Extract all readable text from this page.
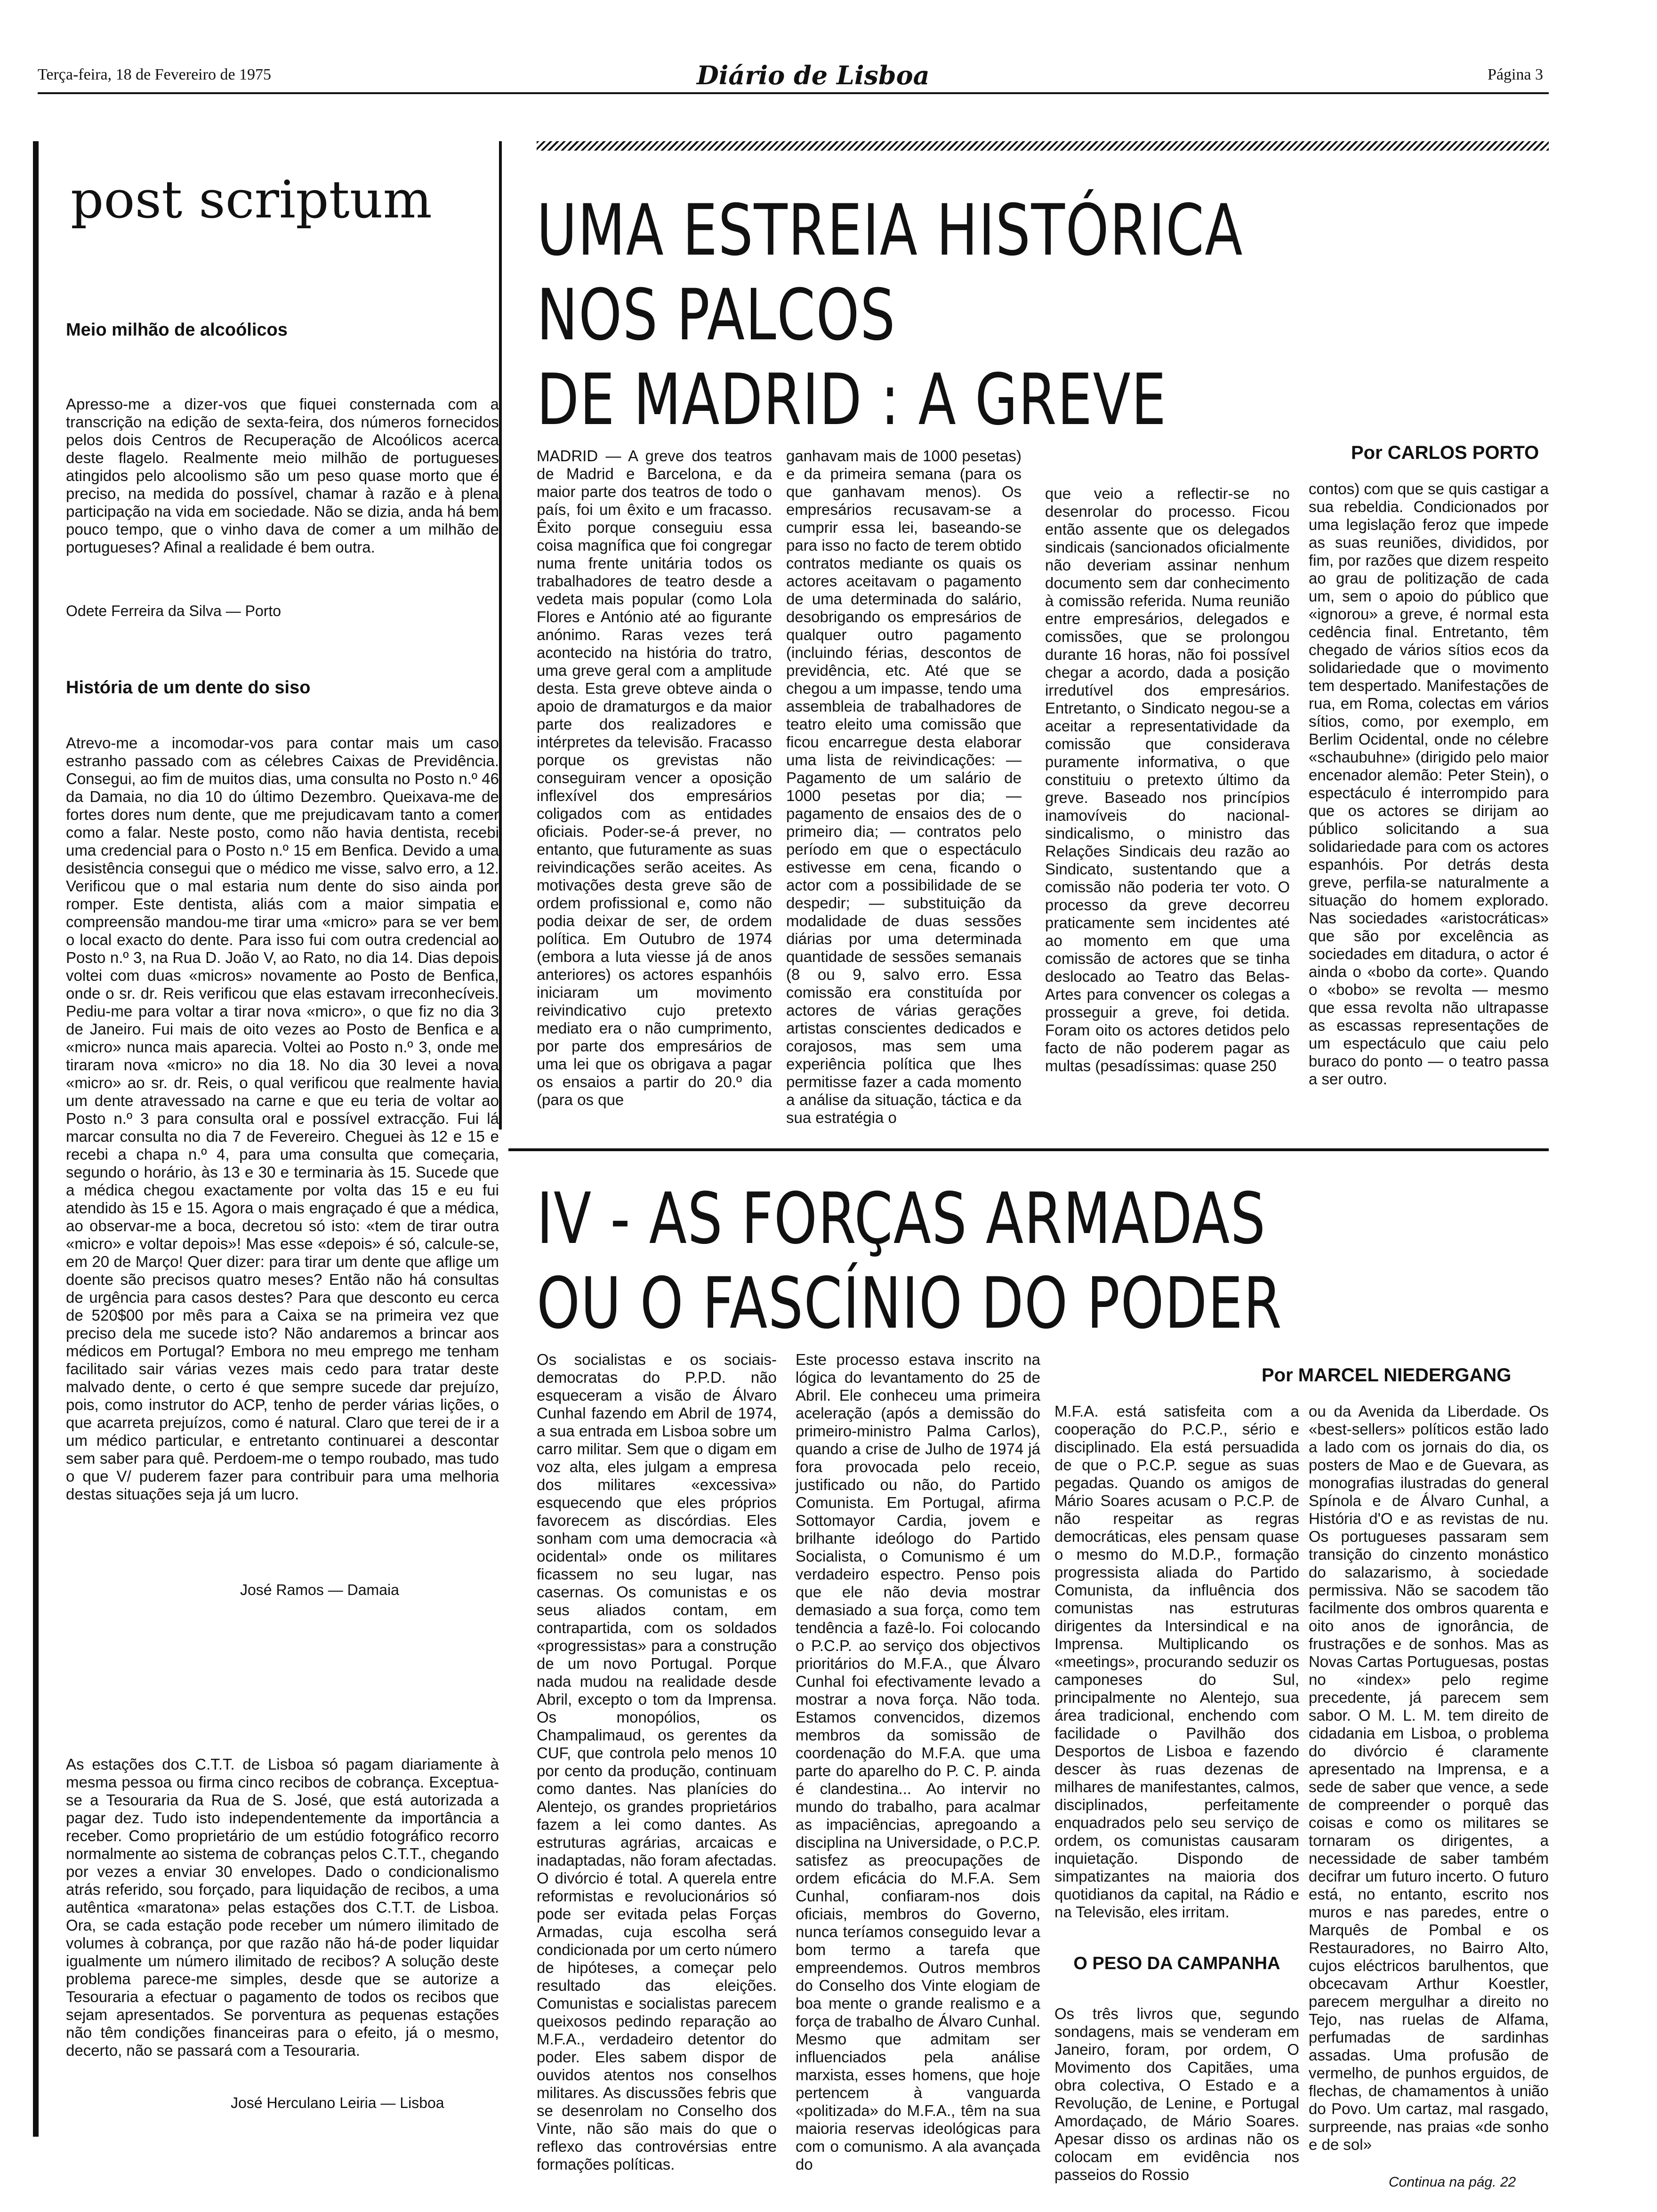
Terça-feira, 18 de Fevereiro de 1975	Diário de Lisboa	Página 3
post scriptum
Meio milhão de alcoólicos
Apresso-me a dizer-vos que fiquei consternada com a transcrição na edição de sexta-feira, dos números fornecidos pelos dois Centros de Recuperação de Alcoólicos acerca deste flagelo. Realmente meio milhão de portugueses atingidos pelo alcoolismo são um peso quase morto que é preciso, na medida do possível, chamar à razão e à plena participação na vida em sociedade. Não se dizia, anda há bem pouco tempo, que o vinho dava de comer a um milhão de portugueses? Afinal a realidade é bem outra.
Odete Ferreira da Silva — Porto
História de um dente do siso
Atrevo-me a incomodar-vos para contar mais um caso estranho passado com as célebres Caixas de Previdência. Consegui, ao fim de muitos dias, uma consulta no Posto n.º 46 da Damaia, no dia 10 do último Dezembro. Queixava-me de fortes dores num dente, que me prejudicavam tanto a comer como a falar. Neste posto, como não havia dentista, recebi uma credencial para o Posto n.º 15 em Benfica. Devido a uma desistência consegui que o médico me visse, salvo erro, a 12. Verificou que o mal estaria num dente do siso ainda por romper. Este dentista, aliás com a maior simpatia e compreensão mandou-me tirar uma «micro» para se ver bem o local exacto do dente. Para isso fui com outra credencial ao Posto n.º 3, na Rua D. João V, ao Rato, no dia 14. Dias depois voltei com duas «micros» novamente ao Posto de Benfica, onde o sr. dr. Reis verificou que elas estavam irreconhecíveis. Pediu-me para voltar a tirar nova «micro», o que fiz no dia 3 de Janeiro. Fui mais de oito vezes ao Posto de Benfica e a «micro» nunca mais aparecia. Voltei ao Posto n.º 3, onde me tiraram nova «micro» no dia 18. No dia 30 levei a nova «micro» ao sr. dr. Reis, o qual verificou que realmente havia um dente atravessado na carne e que eu teria de voltar ao Posto n.º 3 para consulta oral e possível extracção. Fui lá marcar consulta no dia 7 de Fevereiro. Cheguei às 12 e 15 e recebi a chapa n.º 4, para uma consulta que começaria, segundo o horário, às 13 e 30 e terminaria às 15. Sucede que a médica chegou exactamente por volta das 15 e eu fui atendido às 15 e 15. Agora o mais engraçado é que a médica, ao observar-me a boca, decretou só isto: «tem de tirar outra «micro» e voltar depois»! Mas esse «depois» é só, calcule-se, em 20 de Março! Quer dizer: para tirar um dente que aflige um doente são precisos quatro meses? Então não há consultas de urgência para casos destes? Para que desconto eu cerca de 520$00 por mês para a Caixa se na primeira vez que preciso dela me sucede isto? Não andaremos a brincar aos médicos em Portugal? Embora no meu emprego me tenham facilitado sair várias vezes mais cedo para tratar deste malvado dente, o certo é que sempre sucede dar prejuízo, pois, como instrutor do ACP, tenho de perder várias lições, o que acarreta prejuízos, como é natural. Claro que terei de ir a um médico particular, e entretanto continuarei a descontar sem saber para quê. Perdoem-me o tempo roubado, mas tudo o que V/ puderem fazer para contribuir para uma melhoria destas situações seja já um lucro.
José Ramos — Damaia
As estações dos C.T.T. de Lisboa só pagam diariamente à mesma pessoa ou firma cinco recibos de cobrança. Exceptua-se a Tesouraria da Rua de S. José, que está autorizada a pagar dez. Tudo isto independentemente da importância a receber. Como proprietário de um estúdio fotográfico recorro normalmente ao sistema de cobranças pelos C.T.T., chegando por vezes a enviar 30 envelopes. Dado o condicionalismo atrás referido, sou forçado, para liquidação de recibos, a uma autêntica «maratona» pelas estações dos C.T.T. de Lisboa. Ora, se cada estação pode receber um número ilimitado de volumes à cobrança, por que razão não há-de poder liquidar igualmente um número ilimitado de recibos? A solução deste problema parece-me simples, desde que se autorize a Tesouraria a efectuar o pagamento de todos os recibos que sejam apresentados. Se porventura as pequenas estações não têm condições financeiras para o efeito, já o mesmo, decerto, não se passará com a Tesouraria.
José Herculano Leiria — Lisboa
UMA ESTREIA HISTÓRICA
NOS PALCOS
DE MADRID : A GREVE
Por CARLOS PORTO
MADRID — A greve dos teatros de Madrid e Barcelona, e da maior parte dos teatros de todo o país, foi um êxito e um fracasso. Êxito porque conseguiu essa coisa magnífica que foi congregar numa frente unitária todos os trabalhadores de teatro desde a vedeta mais popular (como Lola Flores e António até ao figurante anónimo. Raras vezes terá acontecido na história do tratro, uma greve geral com a amplitude desta. Esta greve obteve ainda o apoio de dramaturgos e da maior parte dos realizadores e intérpretes da televisão. Fracasso porque os grevistas não conseguiram vencer a oposição inflexível dos empresários coligados com as entidades oficiais. Poder-se-á prever, no entanto, que futuramente as suas reivindicações serão aceites. As motivações desta greve são de ordem profissional e, como não podia deixar de ser, de ordem política. Em Outubro de 1974 (embora a luta viesse já de anos anteriores) os actores espanhóis iniciaram um movimento reivindicativo cujo pretexto mediato era o não cumprimento, por parte dos empresários de uma lei que os obrigava a pagar os ensaios a partir do 20.º dia (para os que
ganhavam mais de 1000 pesetas) e da primeira semana (para os que ganhavam menos). Os empresários recusavam-se a cumprir essa lei, baseando-se para isso no facto de terem obtido contratos mediante os quais os actores aceitavam o pagamento de uma determinada do salário, desobrigando os empresários de qualquer outro pagamento (incluindo férias, descontos de previdência, etc. Até que se chegou a um impasse, tendo uma assembleia de trabalhadores de teatro eleito uma comissão que ficou encarregue desta elaborar uma lista de reivindicações: — Pagamento de um salário de 1000 pesetas por dia; — pagamento de ensaios des de o primeiro dia; — contratos pelo período em que o espectáculo estivesse em cena, ficando o actor com a possibilidade de se despedir; — substituição da modalidade de duas sessões diárias por uma determinada quantidade de sessões semanais (8 ou 9, salvo erro. Essa comissão era constituída por actores de várias gerações artistas conscientes dedicados e corajosos, mas sem uma experiência política que lhes permitisse fazer a cada momento a análise da situação, táctica e da sua estratégia o
que veio a reflectir-se no desenrolar do processo. Ficou então assente que os delegados sindicais (sancionados oficialmente não deveriam assinar nenhum documento sem dar conhecimento à comissão referida. Numa reunião entre empresários, delegados e comissões, que se prolongou durante 16 horas, não foi possível chegar a acordo, dada a posição irredutível dos empresários. Entretanto, o Sindicato negou-se a aceitar a representatividade da comissão que considerava puramente informativa, o que constituiu o pretexto último da greve. Baseado nos princípios inamovíveis do nacional-sindicalismo, o ministro das Relações Sindicais deu razão ao Sindicato, sustentando que a comissão não poderia ter voto. O processo da greve decorreu praticamente sem incidentes até ao momento em que uma comissão de actores que se tinha deslocado ao Teatro das Belas-Artes para convencer os colegas a prosseguir a greve, foi detida. Foram oito os actores detidos pelo facto de não poderem pagar as multas (pesadíssimas: quase 250
contos) com que se quis castigar a sua rebeldia. Condicionados por uma legislação feroz que impede as suas reuniões, divididos, por fim, por razões que dizem respeito ao grau de politização de cada um, sem o apoio do público que «ignorou» a greve, é normal esta cedência final. Entretanto, têm chegado de vários sítios ecos da solidariedade que o movimento tem despertado. Manifestações de rua, em Roma, colectas em vários sítios, como, por exemplo, em Berlim Ocidental, onde no célebre «schaubuhne» (dirigido pelo maior encenador alemão: Peter Stein), o espectáculo é interrompido para que os actores se dirijam ao público solicitando a sua solidariedade para com os actores espanhóis. Por detrás desta greve, perfila-se naturalmente a situação do homem explorado. Nas sociedades «aristocráticas» que são por excelência as sociedades em ditadura, o actor é ainda o «bobo da corte». Quando o «bobo» se revolta — mesmo que essa revolta não ultrapasse as escassas representações de um espectáculo que caiu pelo buraco do ponto — o teatro passa a ser outro.
IV - AS FORÇAS ARMADAS
OU O FASCÍNIO DO PODER
Por MARCEL NIEDERGANG
Os socialistas e os sociais-democratas do P.P.D. não esqueceram a visão de Álvaro Cunhal fazendo em Abril de 1974, a sua entrada em Lisboa sobre um carro militar. Sem que o digam em voz alta, eles julgam a empresa dos militares «excessiva» esquecendo que eles próprios favorecem as discórdias. Eles sonham com uma democracia «à ocidental» onde os militares ficassem no seu lugar, nas casernas. Os comunistas e os seus aliados contam, em contrapartida, com os soldados «progressistas» para a construção de um novo Portugal. Porque nada mudou na realidade desde Abril, excepto o tom da Imprensa. Os monopólios, os Champalimaud, os gerentes da CUF, que controla pelo menos 10 por cento da produção, continuam como dantes. Nas planícies do Alentejo, os grandes proprietários fazem a lei como dantes. As estruturas agrárias, arcaicas e inadaptadas, não foram afectadas. O divórcio é total. A querela entre reformistas e revolucionários só pode ser evitada pelas Forças Armadas, cuja escolha será condicionada por um certo número de hipóteses, a começar pelo resultado das eleições. Comunistas e socialistas parecem queixosos pedindo reparação ao M.F.A., verdadeiro detentor do poder. Eles sabem dispor de ouvidos atentos nos conselhos militares. As discussões febris que se desenrolam no Conselho dos Vinte, não são mais do que o reflexo das controvérsias entre formações políticas.
Este processo estava inscrito na lógica do levantamento do 25 de Abril. Ele conheceu uma primeira aceleração (após a demissão do primeiro-ministro Palma Carlos), quando a crise de Julho de 1974 já fora provocada pelo receio, justificado ou não, do Partido Comunista. Em Portugal, afirma Sottomayor Cardia, jovem e brilhante ideólogo do Partido Socialista, o Comunismo é um verdadeiro espectro. Penso pois que ele não devia mostrar demasiado a sua força, como tem tendência a fazê-lo. Foi colocando o P.C.P. ao serviço dos objectivos prioritários do M.F.A., que Álvaro Cunhal foi efectivamente levado a mostrar a nova força. Não toda. Estamos convencidos, dizemos membros da somissão de coordenação do M.F.A. que uma parte do aparelho do P. C. P. ainda é clandestina... Ao intervir no mundo do trabalho, para acalmar as impaciências, apregoando a disciplina na Universidade, o P.C.P. satisfez as preocupações de ordem eficácia do M.F.A. Sem Cunhal, confiaram-nos dois oficiais, membros do Governo, nunca teríamos conseguido levar a bom termo a tarefa que empreendemos. Outros membros do Conselho dos Vinte elogiam de boa mente o grande realismo e a força de trabalho de Álvaro Cunhal. Mesmo que admitam ser influenciados pela análise marxista, esses homens, que hoje pertencem à vanguarda «politizada» do M.F.A., têm na sua maioria reservas ideológicas para com o comunismo. A ala avançada do
M.F.A. está satisfeita com a cooperação do P.C.P., sério e disciplinado. Ela está persuadida de que o P.C.P. segue as suas pegadas. Quando os amigos de Mário Soares acusam o P.C.P. de não respeitar as regras democráticas, eles pensam quase o mesmo do M.D.P., formação progressista aliada do Partido Comunista, da influência dos comunistas nas estruturas dirigentes da Intersindical e na Imprensa. Multiplicando os «meetings», procurando seduzir os camponeses do Sul, principalmente no Alentejo, sua área tradicional, enchendo com facilidade o Pavilhão dos Desportos de Lisboa e fazendo descer às ruas dezenas de milhares de manifestantes, calmos, disciplinados, perfeitamente enquadrados pelo seu serviço de ordem, os comunistas causaram inquietação. Dispondo de simpatizantes na maioria dos quotidianos da capital, na Rádio e na Televisão, eles irritam.
O PESO DA CAMPANHA
Os três livros que, segundo sondagens, mais se venderam em Janeiro, foram, por ordem, O Movimento dos Capitães, uma obra colectiva, O Estado e a Revolução, de Lenine, e Portugal Amordaçado, de Mário Soares. Apesar disso os ardinas não os colocam em evidência nos passeios do Rossio
ou da Avenida da Liberdade. Os «best-sellers» políticos estão lado a lado com os jornais do dia, os posters de Mao e de Guevara, as monografias ilustradas do general Spínola e de Álvaro Cunhal, a História d'O e as revistas de nu. Os portugueses passaram sem transição do cinzento monástico do salazarismo, à sociedade permissiva. Não se sacodem tão facilmente dos ombros quarenta e oito anos de ignorância, de frustrações e de sonhos. Mas as Novas Cartas Portuguesas, postas no «index» pelo regime precedente, já parecem sem sabor. O M. L. M. tem direito de cidadania em Lisboa, o problema do divórcio é claramente apresentado na Imprensa, e a sede de saber que vence, a sede de compreender o porquê das coisas e como os militares se tornaram os dirigentes, a necessidade de saber também decifrar um futuro incerto. O futuro está, no entanto, escrito nos muros e nas paredes, entre o Marquês de Pombal e os Restauradores, no Bairro Alto, cujos eléctricos barulhentos, que obcecavam Arthur Koestler, parecem mergulhar a direito no Tejo, nas ruelas de Alfama, perfumadas de sardinhas assadas. Uma profusão de vermelho, de punhos erguidos, de flechas, de chamamentos à união do Povo. Um cartaz, mal rasgado, surpreende, nas praias «de sonho e de sol»
Continua na pág. 22
